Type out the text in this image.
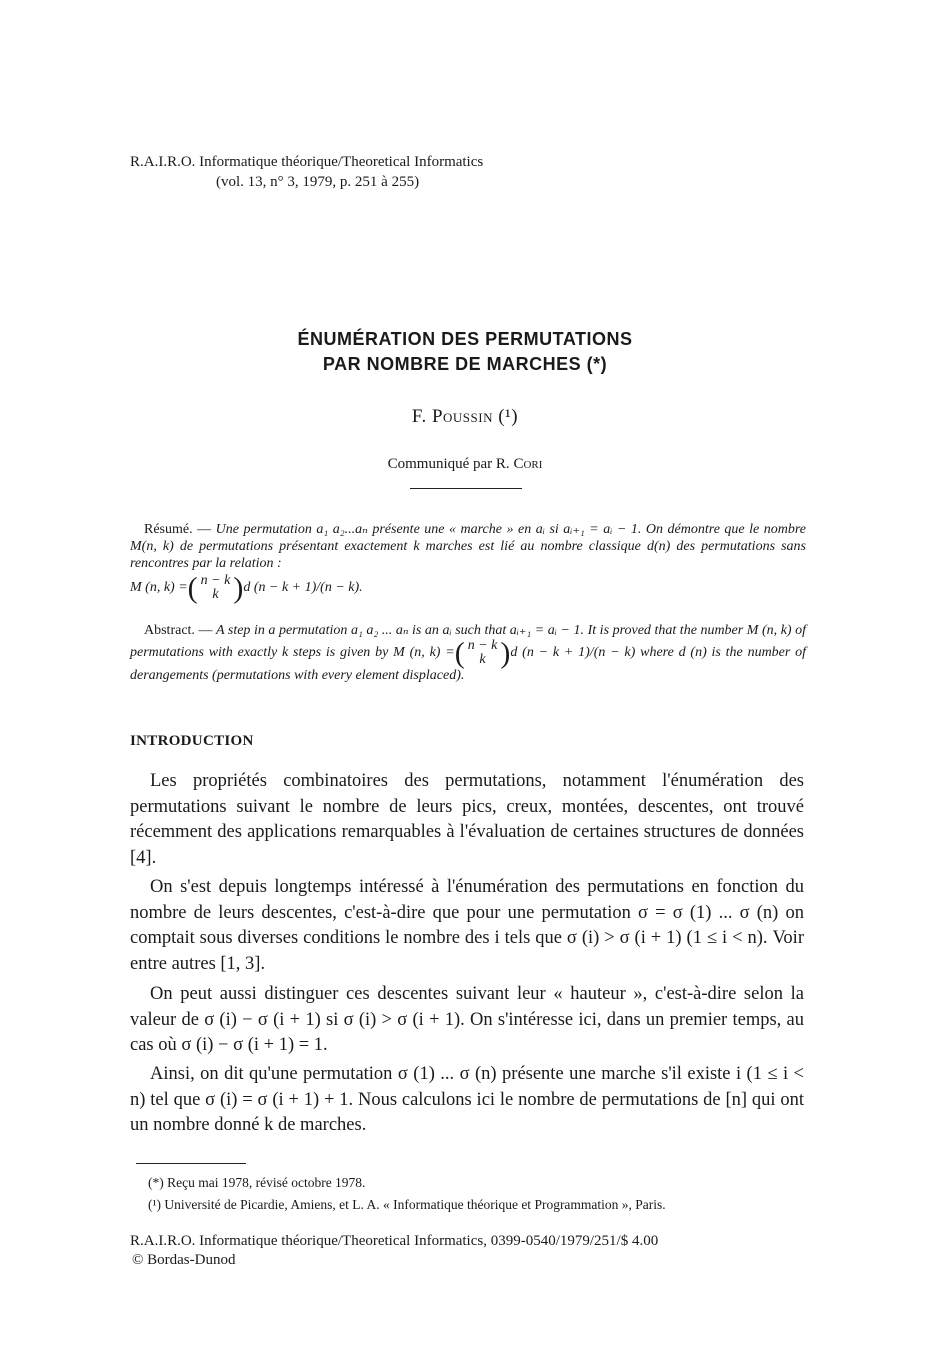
R.A.I.R.O. Informatique théorique/Theoretical Informatics
(vol. 13, n° 3, 1979, p. 251 à 255)
ÉNUMÉRATION DES PERMUTATIONS
PAR NOMBRE DE MARCHES (*)
F. Poussin (¹)
Communiqué par R. Cori
Résumé. — Une permutation a₁ a₂...aₙ présente une « marche » en aᵢ si aᵢ₊₁ = aᵢ − 1. On démontre que le nombre M(n, k) de permutations présentant exactement k marches est lié au nombre classique d(n) des permutations sans rencontres par la relation :
M (n, k) =( n − k
k )d (n − k + 1)/(n − k).
Abstract. — A step in a permutation a₁ a₂ ... aₙ is an aᵢ such that aᵢ₊₁ = aᵢ − 1. It is proved that the number M (n, k) of permutations with exactly k steps is given by M (n, k) =( n − k
k )d (n − k + 1)/(n − k) where d (n) is the number of derangements (permutations with every element displaced).
INTRODUCTION
Les propriétés combinatoires des permutations, notamment l'énumération des permutations suivant le nombre de leurs pics, creux, montées, descentes, ont trouvé récemment des applications remarquables à l'évaluation de certaines structures de données [4].
On s'est depuis longtemps intéressé à l'énumération des permutations en fonction du nombre de leurs descentes, c'est-à-dire que pour une permutation σ = σ (1) ... σ (n) on comptait sous diverses conditions le nombre des i tels que σ (i) > σ (i + 1) (1 ≤ i < n). Voir entre autres [1, 3].
On peut aussi distinguer ces descentes suivant leur « hauteur », c'est-à-dire selon la valeur de σ (i) − σ (i + 1) si σ (i) > σ (i + 1). On s'intéresse ici, dans un premier temps, au cas où σ (i) − σ (i + 1) = 1.
Ainsi, on dit qu'une permutation σ (1) ... σ (n) présente une marche s'il existe i (1 ≤ i < n) tel que σ (i) = σ (i + 1) + 1. Nous calculons ici le nombre de permutations de [n] qui ont un nombre donné k de marches.
(*) Reçu mai 1978, révisé octobre 1978.
(¹) Université de Picardie, Amiens, et L. A. « Informatique théorique et Programmation », Paris.
R.A.I.R.O. Informatique théorique/Theoretical Informatics, 0399-0540/1979/251/$ 4.00
© Bordas-Dunod
